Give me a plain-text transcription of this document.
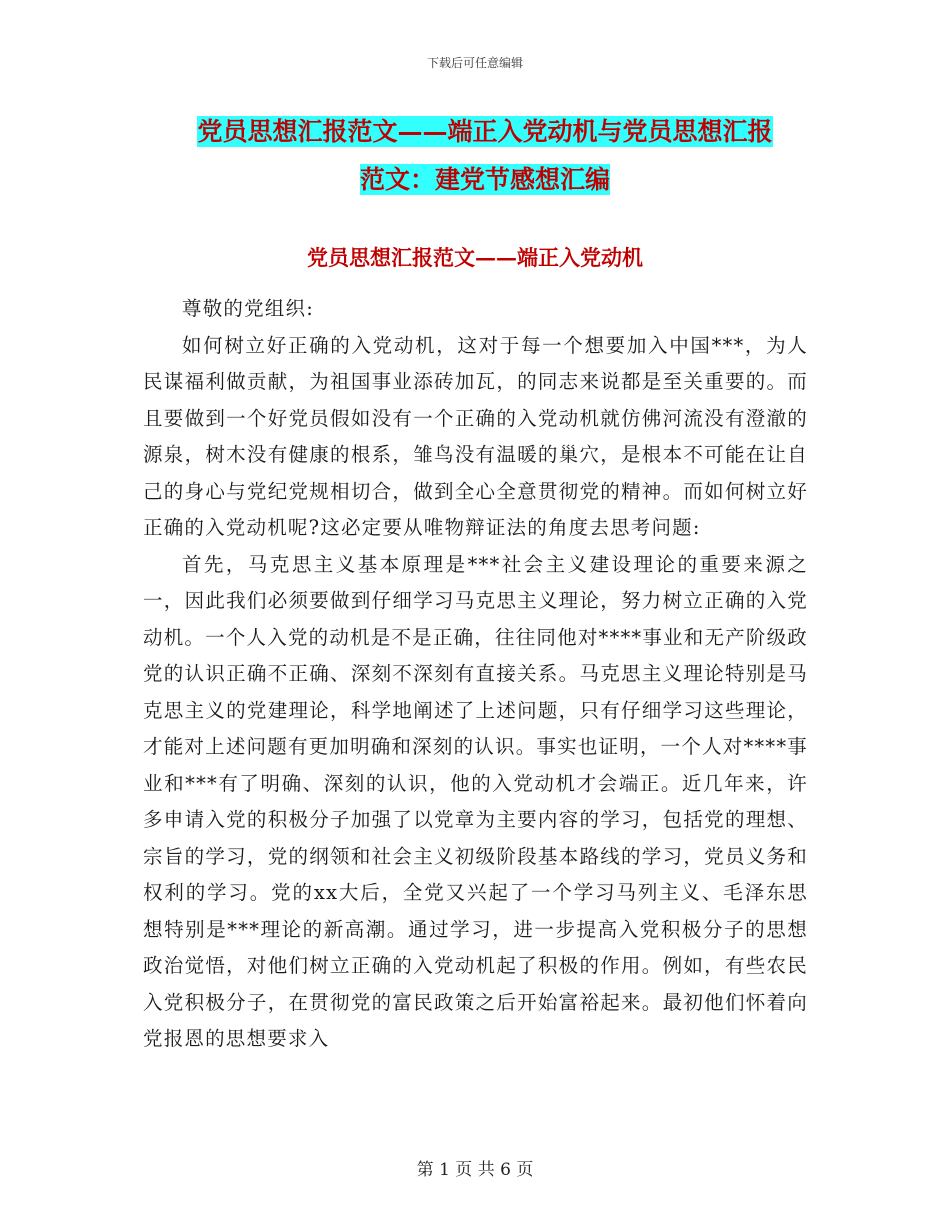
下载后可任意编辑
党员思想汇报范文——端正入党动机与党员思想汇报
范文：建党节感想汇编
党员思想汇报范文——端正入党动机

尊敬的党组织:

如何树立好正确的入党动机，这对于每一个想要加入中国***，为人民谋福利做贡献，为祖国事业添砖加瓦，的同志来说都是至关重要的。而且要做到一个好党员假如没有一个正确的入党动机就仿佛河流没有澄澈的源泉，树木没有健康的根系，雏鸟没有温暖的巢穴，是根本不可能在让自己的身心与党纪党规相切合，做到全心全意贯彻党的精神。而如何树立好正确的入党动机呢?这必定要从唯物辩证法的角度去思考问题:

首先，马克思主义基本原理是***社会主义建设理论的重要来源之一，因此我们必须要做到仔细学习马克思主义理论，努力树立正确的入党动机。一个人入党的动机是不是正确，往往同他对****事业和无产阶级政党的认识正确不正确、深刻不深刻有直接关系。马克思主义理论特别是马克思主义的党建理论，科学地阐述了上述问题，只有仔细学习这些理论，才能对上述问题有更加明确和深刻的认识。事实也证明，一个人对****事业和***有了明确、深刻的认识，他的入党动机才会端正。近几年来，许多申请入党的积极分子加强了以党章为主要内容的学习，包括党的理想、宗旨的学习，党的纲领和社会主义初级阶段基本路线的学习，党员义务和权利的学习。党的xx大后，全党又兴起了一个学习马列主义、毛泽东思想特别是***理论的新高潮。通过学习，进一步提高入党积极分子的思想政治觉悟，对他们树立正确的入党动机起了积极的作用。例如，有些农民入党积极分子，在贯彻党的富民政策之后开始富裕起来。最初他们怀着向党报恩的思想要求入

第 1 页 共 6 页
